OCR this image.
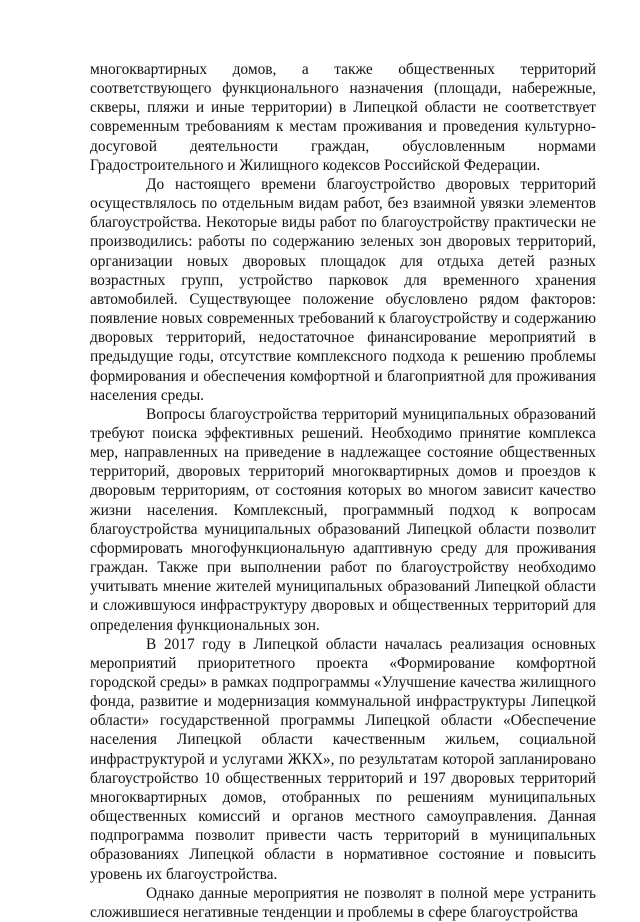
многоквартирных домов, а также общественных территорий соответствующего функционального назначения (площади, набережные, скверы, пляжи и иные территории) в Липецкой области не соответствует современным требованиям к местам проживания и проведения культурно-досуговой деятельности граждан, обусловленным нормами Градостроительного и Жилищного кодексов Российской Федерации.

До настоящего времени благоустройство дворовых территорий осуществлялось по отдельным видам работ, без взаимной увязки элементов благоустройства. Некоторые виды работ по благоустройству практически не производились: работы по содержанию зеленых зон дворовых территорий, организации новых дворовых площадок для отдыха детей разных возрастных групп, устройство парковок для временного хранения автомобилей. Существующее положение обусловлено рядом факторов: появление новых современных требований к благоустройству и содержанию дворовых территорий, недостаточное финансирование мероприятий в предыдущие годы, отсутствие комплексного подхода к решению проблемы формирования и обеспечения комфортной и благоприятной для проживания населения среды.

Вопросы благоустройства территорий муниципальных образований требуют поиска эффективных решений. Необходимо принятие комплекса мер, направленных на приведение в надлежащее состояние общественных территорий, дворовых территорий многоквартирных домов и проездов к дворовым территориям, от состояния которых во многом зависит качество жизни населения. Комплексный, программный подход к вопросам благоустройства муниципальных образований Липецкой области позволит сформировать многофункциональную адаптивную среду для проживания граждан. Также при выполнении работ по благоустройству необходимо учитывать мнение жителей муниципальных образований Липецкой области и сложившуюся инфраструктуру дворовых и общественных территорий для определения функциональных зон.

В 2017 году в Липецкой области началась реализация основных мероприятий приоритетного проекта «Формирование комфортной городской среды» в рамках подпрограммы «Улучшение качества жилищного фонда, развитие и модернизация коммунальной инфраструктуры Липецкой области» государственной программы Липецкой области «Обеспечение населения Липецкой области качественным жильем, социальной инфраструктурой и услугами ЖКХ», по результатам которой запланировано благоустройство 10 общественных территорий и 197 дворовых территорий многоквартирных домов, отобранных по решениям муниципальных общественных комиссий и органов местного самоуправления. Данная подпрограмма позволит привести часть территорий в муниципальных образованиях Липецкой области в нормативное состояние и повысить уровень их благоустройства.

Однако данные мероприятия не позволят в полной мере устранить сложившиеся негативные тенденции и проблемы в сфере благоустройства
